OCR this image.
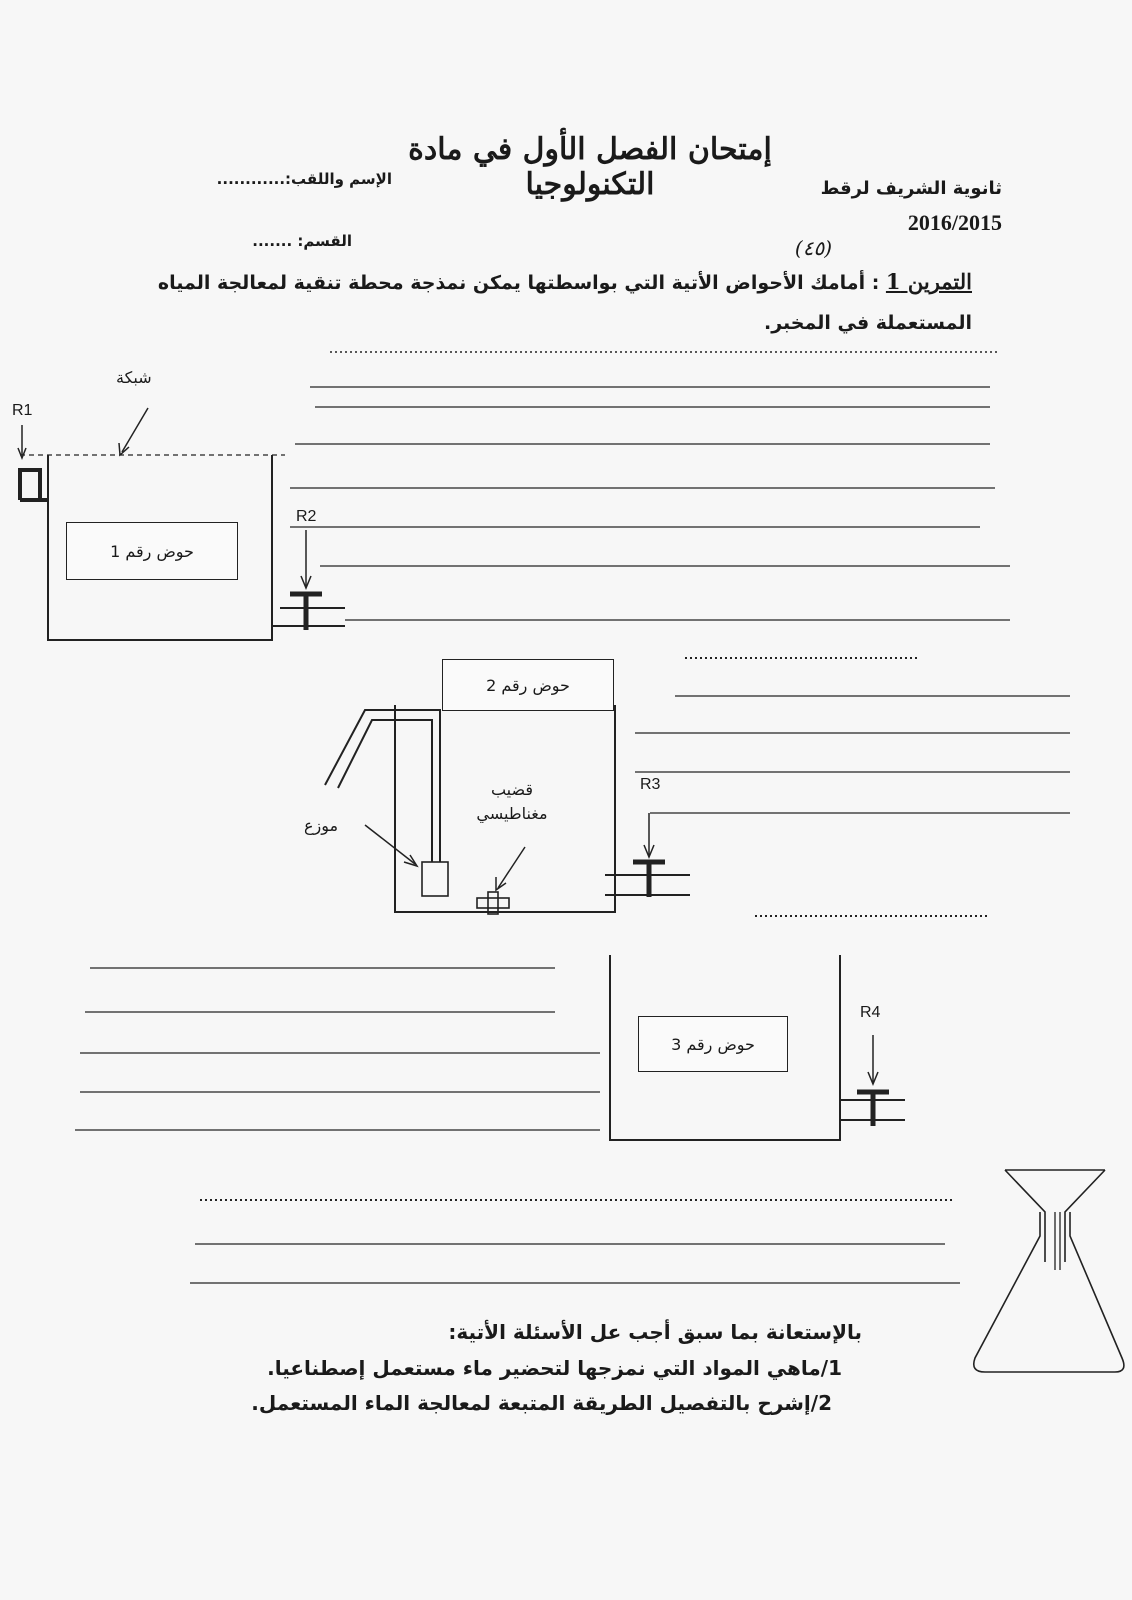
إمتحان الفصل الأول في مادة التكنولوجيا	ثانوية الشريف لرقط
2016/2015
الإسم واللقب:............
القسم: .......	(٤٥)
التمرين 1 : أمامك الأحواض الأتية التي بواسطتها يمكن نمذجة محطة تنقية لمعالجة المياه المستعملة في المخبر.
شبكة
R1
حوض رقم 1
R2
حوض رقم 2
موزع
قضيب
مغناطيسي
R3
حوض رقم 3
R4
بالإستعانة بما سبق أجب عل الأسئلة الأتية:
1/ماهي المواد التي نمزجها لتحضير ماء مستعمل إصطناعيا.
2/إشرح بالتفصيل الطريقة المتبعة لمعالجة الماء المستعمل.
